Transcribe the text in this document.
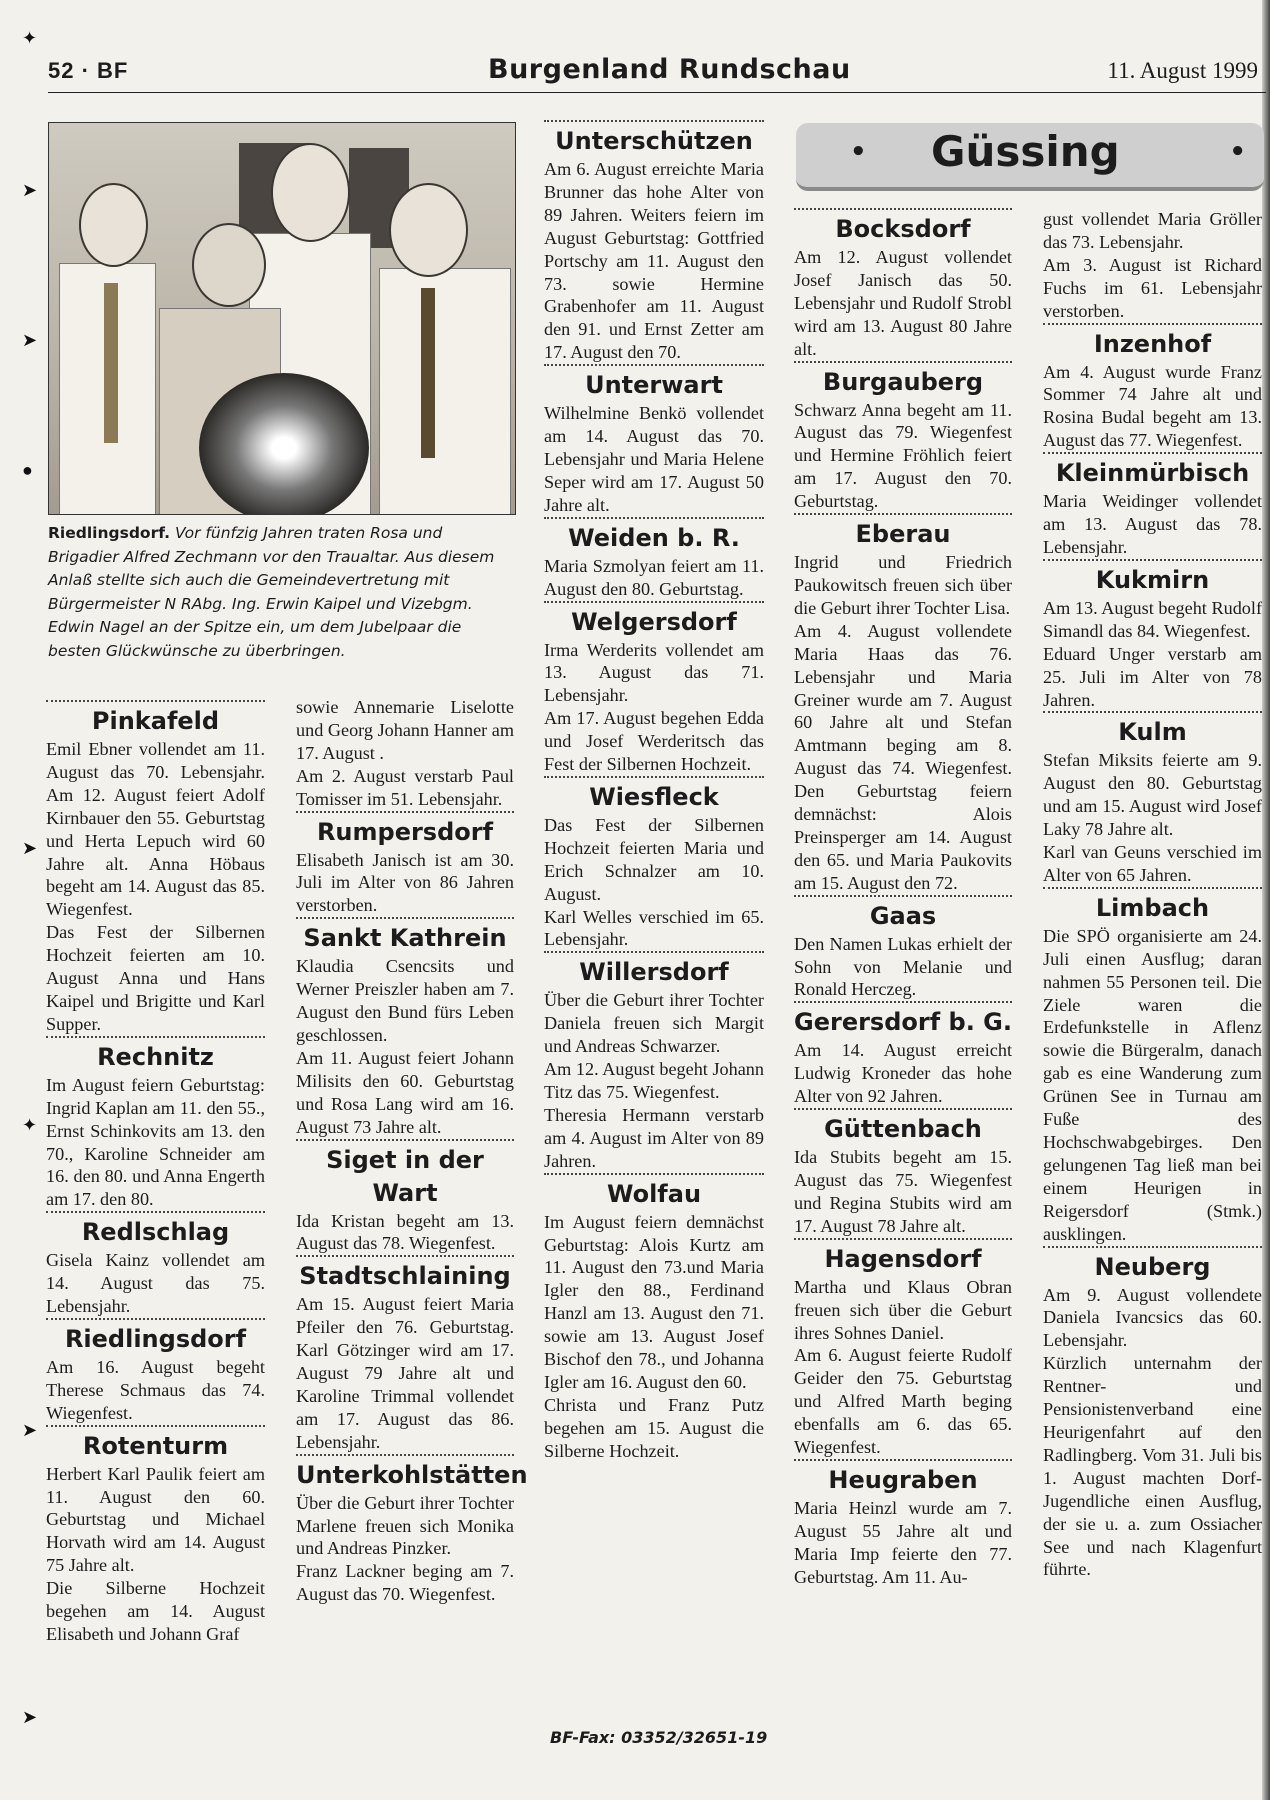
52 · BF	Burgenland Rundschau	11. August 1999
Riedlingsdorf. Vor fünfzig Jahren traten Rosa und Brigadier Alfred Zechmann vor den Traualtar. Aus diesem Anlaß stellte sich auch die Gemeindevertretung mit Bürgermeister N RAbg. Ing. Erwin Kaipel und Vizebgm. Edwin Nagel an der Spitze ein, um dem Jubelpaar die besten Glückwünsche zu überbringen.
• Güssing	•
Pinkafeld

Emil Ebner vollendet am 11. August das 70. Lebensjahr. Am 12. August feiert Adolf Kirnbauer den 55. Geburtstag und Herta Lepuch wird 60 Jahre alt. Anna Höbaus begeht am 14. August das 85. Wiegenfest.

Das Fest der Silbernen Hochzeit feierten am 10. August Anna und Hans Kaipel und Brigitte und Karl Supper.

Rechnitz

Im August feiern Geburtstag: Ingrid Kaplan am 11. den 55., Ernst Schinkovits am 13. den 70., Karoline Schneider am 16. den 80. und Anna Engerth am 17. den 80.

Redlschlag

Gisela Kainz vollendet am 14. August das 75. Lebensjahr.

Riedlingsdorf

Am 16. August begeht Therese Schmaus das 74. Wiegenfest.

Rotenturm

Herbert Karl Paulik feiert am 11. August den 60. Geburtstag und Michael Horvath wird am 14. August 75 Jahre alt.

Die Silberne Hochzeit begehen am 14. August Elisabeth und Johann Graf

sowie Annemarie Liselotte und Georg Johann Hanner am 17. August .

Am 2. August verstarb Paul Tomisser im 51. Lebensjahr.

Rumpersdorf

Elisabeth Janisch ist am 30. Juli im Alter von 86 Jahren verstorben.

Sankt Kathrein

Klaudia Csencsits und Werner Preiszler haben am 7. August den Bund fürs Leben geschlossen.

Am 11. August feiert Johann Milisits den 60. Geburtstag und Rosa Lang wird am 16. August 73 Jahre alt.

Siget in der Wart

Ida Kristan begeht am 13. August das 78. Wiegenfest.

Stadtschlaining

Am 15. August feiert Maria Pfeiler den 76. Geburtstag. Karl Götzinger wird am 17. August 79 Jahre alt und Karoline Trimmal vollendet am 17. August das 86. Lebensjahr.

Unterkohlstätten

Über die Geburt ihrer Tochter Marlene freuen sich Monika und Andreas Pinzker.

Franz Lackner beging am 7. August das 70. Wiegenfest.

Unterschützen

Am 6. August erreichte Maria Brunner das hohe Alter von 89 Jahren. Weiters feiern im August Geburtstag: Gottfried Portschy am 11. August den 73. sowie Hermine Grabenhofer am 11. August den 91. und Ernst Zetter am 17. August den 70.

Unterwart

Wilhelmine Benkö vollendet am 14. August das 70. Lebensjahr und Maria Helene Seper wird am 17. August 50 Jahre alt.

Weiden b. R.

Maria Szmolyan feiert am 11. August den 80. Geburtstag.

Welgersdorf

Irma Werderits vollendet am 13. August das 71. Lebensjahr.

Am 17. August begehen Edda und Josef Werderitsch das Fest der Silbernen Hochzeit.

Wiesfleck

Das Fest der Silbernen Hochzeit feierten Maria und Erich Schnalzer am 10. August.

Karl Welles verschied im 65. Lebensjahr.

Willersdorf

Über die Geburt ihrer Tochter Daniela freuen sich Margit und Andreas Schwarzer.

Am 12. August begeht Johann Titz das 75. Wiegenfest.

Theresia Hermann verstarb am 4. August im Alter von 89 Jahren.

Wolfau

Im August feiern demnächst Geburtstag: Alois Kurtz am 11. August den 73.und Maria Igler den 88., Ferdinand Hanzl am 13. August den 71. sowie am 13. August Josef Bischof den 78., und Johanna Igler am 16. August den 60.

Christa und Franz Putz begehen am 15. August die Silberne Hochzeit.

Bocksdorf

Am 12. August vollendet Josef Janisch das 50. Lebensjahr und Rudolf Strobl wird am 13. August 80 Jahre alt.

Burgauberg

Schwarz Anna begeht am 11. August das 79. Wiegenfest und Hermine Fröhlich feiert am 17. August den 70. Geburtstag.

Eberau

Ingrid und Friedrich Paukowitsch freuen sich über die Geburt ihrer Tochter Lisa.

Am 4. August vollendete Maria Haas das 76. Lebensjahr und Maria Greiner wurde am 7. August 60 Jahre alt und Stefan Amtmann beging am 8. August das 74. Wiegenfest. Den Geburtstag feiern demnächst: Alois Preinsperger am 14. August den 65. und Maria Paukovits am 15. August den 72.

Gaas

Den Namen Lukas erhielt der Sohn von Melanie und Ronald Herczeg.

Gerersdorf b. G.

Am 14. August erreicht Ludwig Kroneder das hohe Alter von 92 Jahren.

Güttenbach

Ida Stubits begeht am 15. August das 75. Wiegenfest und Regina Stubits wird am 17. August 78 Jahre alt.

Hagensdorf

Martha und Klaus Obran freuen sich über die Geburt ihres Sohnes Daniel.

Am 6. August feierte Rudolf Geider den 75. Geburtstag und Alfred Marth beging ebenfalls am 6. das 65. Wiegenfest.

Heugraben

Maria Heinzl wurde am 7. August 55 Jahre alt und Maria Imp feierte den 77. Geburtstag. Am 11. Au-

gust vollendet Maria Gröller das 73. Lebensjahr.

Am 3. August ist Richard Fuchs im 61. Lebensjahr verstorben.

Inzenhof

Am 4. August wurde Franz Sommer 74 Jahre alt und Rosina Budal begeht am 13. August das 77. Wiegenfest.

Kleinmürbisch

Maria Weidinger vollendet am 13. August das 78. Lebensjahr.

Kukmirn

Am 13. August begeht Rudolf Simandl das 84. Wiegenfest.

Eduard Unger verstarb am 25. Juli im Alter von 78 Jahren.

Kulm

Stefan Miksits feierte am 9. August den 80. Geburtstag und am 15. August wird Josef Laky 78 Jahre alt.

Karl van Geuns verschied im Alter von 65 Jahren.

Limbach

Die SPÖ organisierte am 24. Juli einen Ausflug; daran nahmen 55 Personen teil. Die Ziele waren die Erdefunkstelle in Aflenz sowie die Bürgeralm, danach gab es eine Wanderung zum Grünen See in Turnau am Fuße des Hochschwabgebirges. Den gelungenen Tag ließ man bei einem Heurigen in Reigersdorf (Stmk.) ausklingen.

Neuberg

Am 9. August vollendete Daniela Ivancsics das 60. Lebensjahr.

Kürzlich unternahm der Rentner- und Pensionistenverband eine Heurigenfahrt auf den Radlingberg. Vom 31. Juli bis 1. August machten Dorf-Jugendliche einen Ausflug, der sie u. a. zum Ossiacher See und nach Klagenfurt führte.

BF-Fax: 03352/32651-19
✦
➤
➤
●
➤
✦
➤
➤
